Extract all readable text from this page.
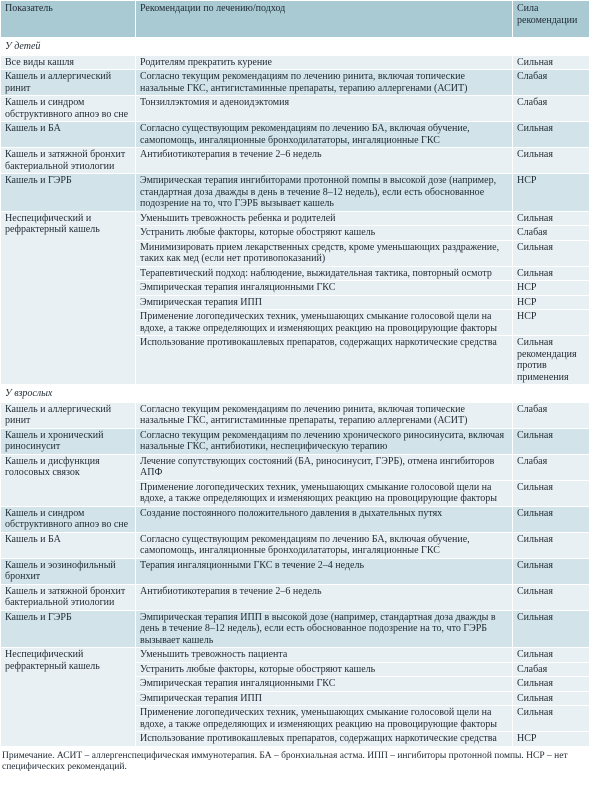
Показатель	Рекомендации по лечению/подход	Сила рекомендации
У детей		
Все виды кашля	Родителям прекратить курение	Сильная
Кашель и аллергический ринит	Согласно текущим рекомендациям по лечению ринита, включая топические назальные ГКС, антигистаминные препараты, терапию аллергенами (АСИТ)	Слабая
Кашель и синдром обструктивного апноэ во сне	Тонзиллэктомия и аденоидэктомия	Слабая
Кашель и БА	Согласно существующим рекомендациям по лечению БА, включая обучение, самопомощь, ингаляционные бронходилататоры, ингаляционные ГКС	Сильная
Кашель и затяжной бронхит бактериальной этиологии	Антибиотикотерапия в течение 2–6 недель	Сильная
Кашель и ГЭРБ	Эмпирическая терапия ингибиторами протонной помпы в высокой дозе (например, стандартная доза дважды в день в течение 8–12 недель), если есть обоснованное подозрение на то, что ГЭРБ вызывает кашель	НСР
Неспецифический и рефрактерный кашель	Уменьшить тревожность ребенка и родителей	Сильная
	Устранить любые факторы, которые обостряют кашель	Слабая
	Минимизировать прием лекарственных средств, кроме уменьшающих раздражение, таких как мед (если нет противопоказаний)	Сильная
	Терапевтический подход: наблюдение, выжидательная тактика, повторный осмотр	Сильная
	Эмпирическая терапия ингаляционными ГКС	НСР
	Эмпирическая терапия ИПП	НСР
	Применение логопедических техник, уменьшающих смыкание голосовой щели на вдохе, а также определяющих и изменяющих реакцию на провоцирующие факторы	НСР
	Использование противокашлевых препаратов, содержащих наркотические средства	Сильная рекомендация против применения
У взрослых		
Кашель и аллергический ринит	Согласно текущим рекомендациям по лечению ринита, включая топические назальные ГКС, антигистаминные препараты, терапию аллергенами (АСИТ)	Слабая
Кашель и хронический риносинусит	Согласно текущим рекомендациям по лечению хронического риносинусита, включая назальные ГКС, антибиотики, неспецифическую терапию	Сильная
Кашель и дисфункция голосовых связок	Лечение сопутствующих состояний (БА, риносинусит, ГЭРБ), отмена ингибиторов АПФ	Слабая
	Применение логопедических техник, уменьшающих смыкание голосовой щели на вдохе, а также определяющих и изменяющих реакцию на провоцирующие факторы	Сильная
Кашель и синдром обструктивного апноэ во сне	Создание постоянного положительного давления в дыхательных путях	Сильная
Кашель и БА	Согласно существующим рекомендациям по лечению БА, включая обучение, самопомощь, ингаляционные бронходилататоры, ингаляционные ГКС	Сильная
Кашель и эозинофильный бронхит	Терапия ингаляционными ГКС в течение 2–4 недель	Сильная
Кашель и затяжной бронхит бактериальной этиологии	Антибиотикотерапия в течение 2–6 недель	Сильная
Кашель и ГЭРБ	Эмпирическая терапия ИПП в высокой дозе (например, стандартная доза дважды в день в течение 8–12 недель), если есть обоснованное подозрение на то, что ГЭРБ вызывает кашель	Сильная
Неспецифический рефрактерный кашель	Уменьшить тревожность пациента	Сильная
	Устранить любые факторы, которые обостряют кашель	Слабая
	Эмпирическая терапия ингаляционными ГКС	Сильная
	Эмпирическая терапия ИПП	Сильная
	Применение логопедических техник, уменьшающих смыкание голосовой щели на вдохе, а также определяющих и изменяющих реакцию на провоцирующие факторы	Сильная
	Использование противокашлевых препаратов, содержащих наркотические средства	НСР
Примечание. АСИТ – аллергенспецифическая иммунотерапия. БА – бронхиальная астма. ИПП – ингибиторы протонной помпы. НСР – нет специфических рекомендаций.
